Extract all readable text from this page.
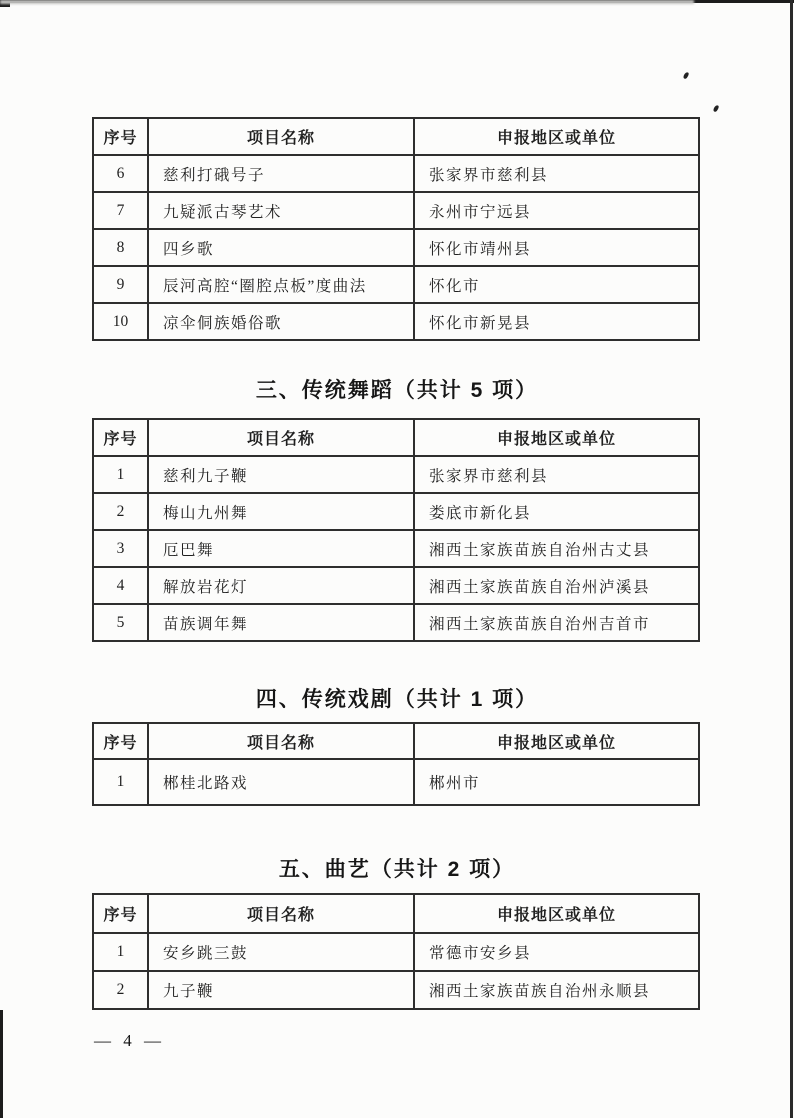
序号	项目名称	申报地区或单位
6	慈利打硪号子	张家界市慈利县
7	九疑派古琴艺术	永州市宁远县
8	四乡歌	怀化市靖州县
9	辰河高腔“圈腔点板”度曲法	怀化市
10	凉伞侗族婚俗歌	怀化市新晃县
三、传统舞蹈（共计 5 项）
序号	项目名称	申报地区或单位
1	慈利九子鞭	张家界市慈利县
2	梅山九州舞	娄底市新化县
3	厄巴舞	湘西土家族苗族自治州古丈县
4	解放岩花灯	湘西土家族苗族自治州泸溪县
5	苗族调年舞	湘西土家族苗族自治州吉首市
四、传统戏剧（共计 1 项）
序号	项目名称	申报地区或单位
1	郴桂北路戏	郴州市
五、曲艺（共计 2 项）
序号	项目名称	申报地区或单位
1	安乡跳三鼓	常德市安乡县
2	九子鞭	湘西土家族苗族自治州永顺县
— 4 —
